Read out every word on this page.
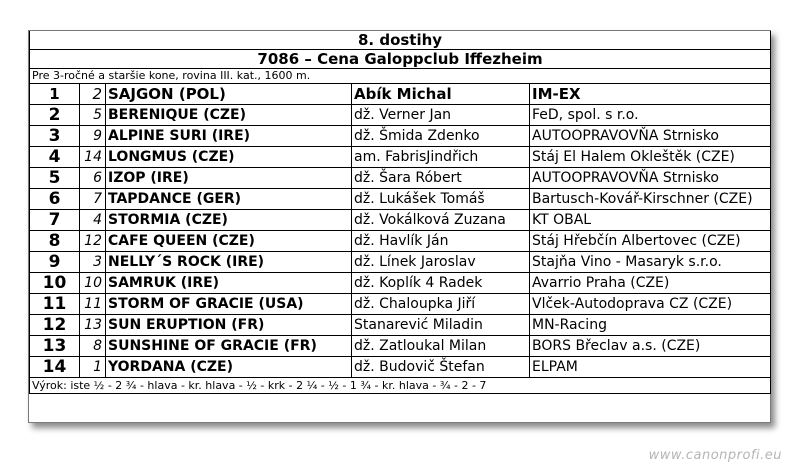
8. dostihy				
7086 – Cena Galoppclub Iffezheim				
Pre 3-ročné a staršie kone, rovina III. kat., 1600 m.				
1	2	SAJGON (POL)	Abík Michal	IM-EX
2	5	BERENIQUE (CZE)	dž. Verner Jan	FeD, spol. s r.o.
3	9	ALPINE SURI (IRE)	dž. Šmida Zdenko	AUTOOPRAVOVŇA Strnisko
4	14	LONGMUS (CZE)	am. FabrisJindřich	Stáj El Halem Okleštěk (CZE)
5	6	IZOP (IRE)	dž. Šara Róbert	AUTOOPRAVOVŇA Strnisko
6	7	TAPDANCE (GER)	dž. Lukášek Tomáš	Bartusch-Kovář-Kirschner (CZE)
7	4	STORMIA (CZE)	dž. Vokálková Zuzana	KT OBAL
8	12	CAFE QUEEN (CZE)	dž. Havlík Ján	Stáj Hřebčín Albertovec (CZE)
9	3	NELLY´S ROCK (IRE)	dž. Línek Jaroslav	Stajňa Vino - Masaryk s.r.o.
10	10	SAMRUK (IRE)	dž. Koplík 4 Radek	Avarrio Praha (CZE)
11	11	STORM OF GRACIE (USA)	dž. Chaloupka Jiří	Vlček-Autodoprava CZ (CZE)
12	13	SUN ERUPTION (FR)	Stanarević Miladin	MN-Racing
13	8	SUNSHINE OF GRACIE (FR)	dž. Zatloukal Milan	BORS Břeclav a.s. (CZE)
14	1	YORDANA (CZE)	dž. Budovič Štefan	ELPAM
Výrok: iste ½ - 2 ¾ - hlava - kr. hlava - ½ - krk - 2 ¼ - ½ - 1 ¾ - kr. hlava - ¾ - 2 - 7				
www.canonprofi.eu
